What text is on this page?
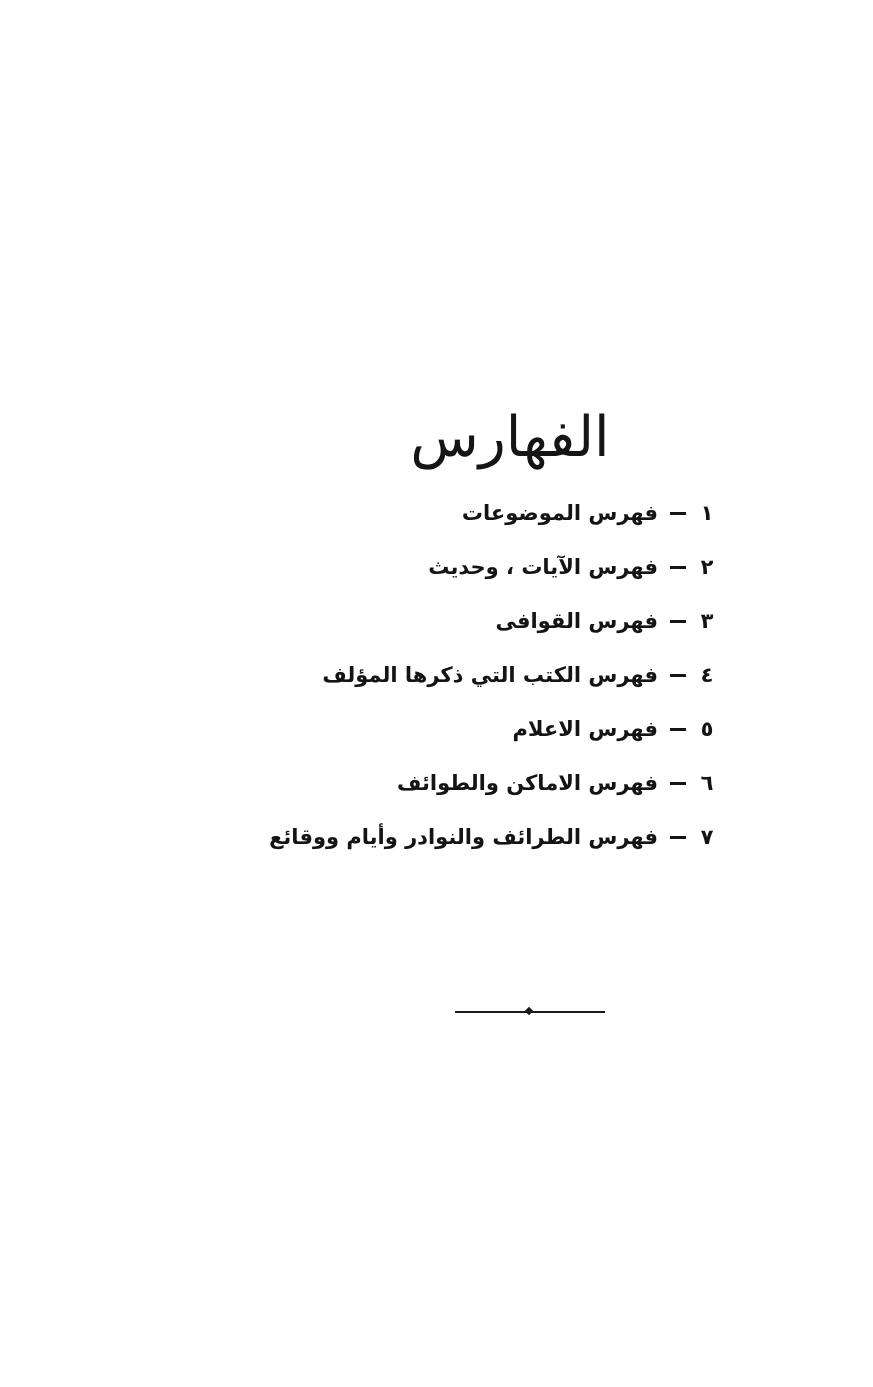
الفهارس
١
فهرس الموضوعات
٢
فهرس الآيات ، وحديث
٣
فهرس القوافى
٤
فهرس الكتب التي ذكرها المؤلف
٥
فهرس الاعلام
٦
فهرس الاماكن والطوائف
٧
فهرس الطرائف والنوادر وأيام ووقائع
